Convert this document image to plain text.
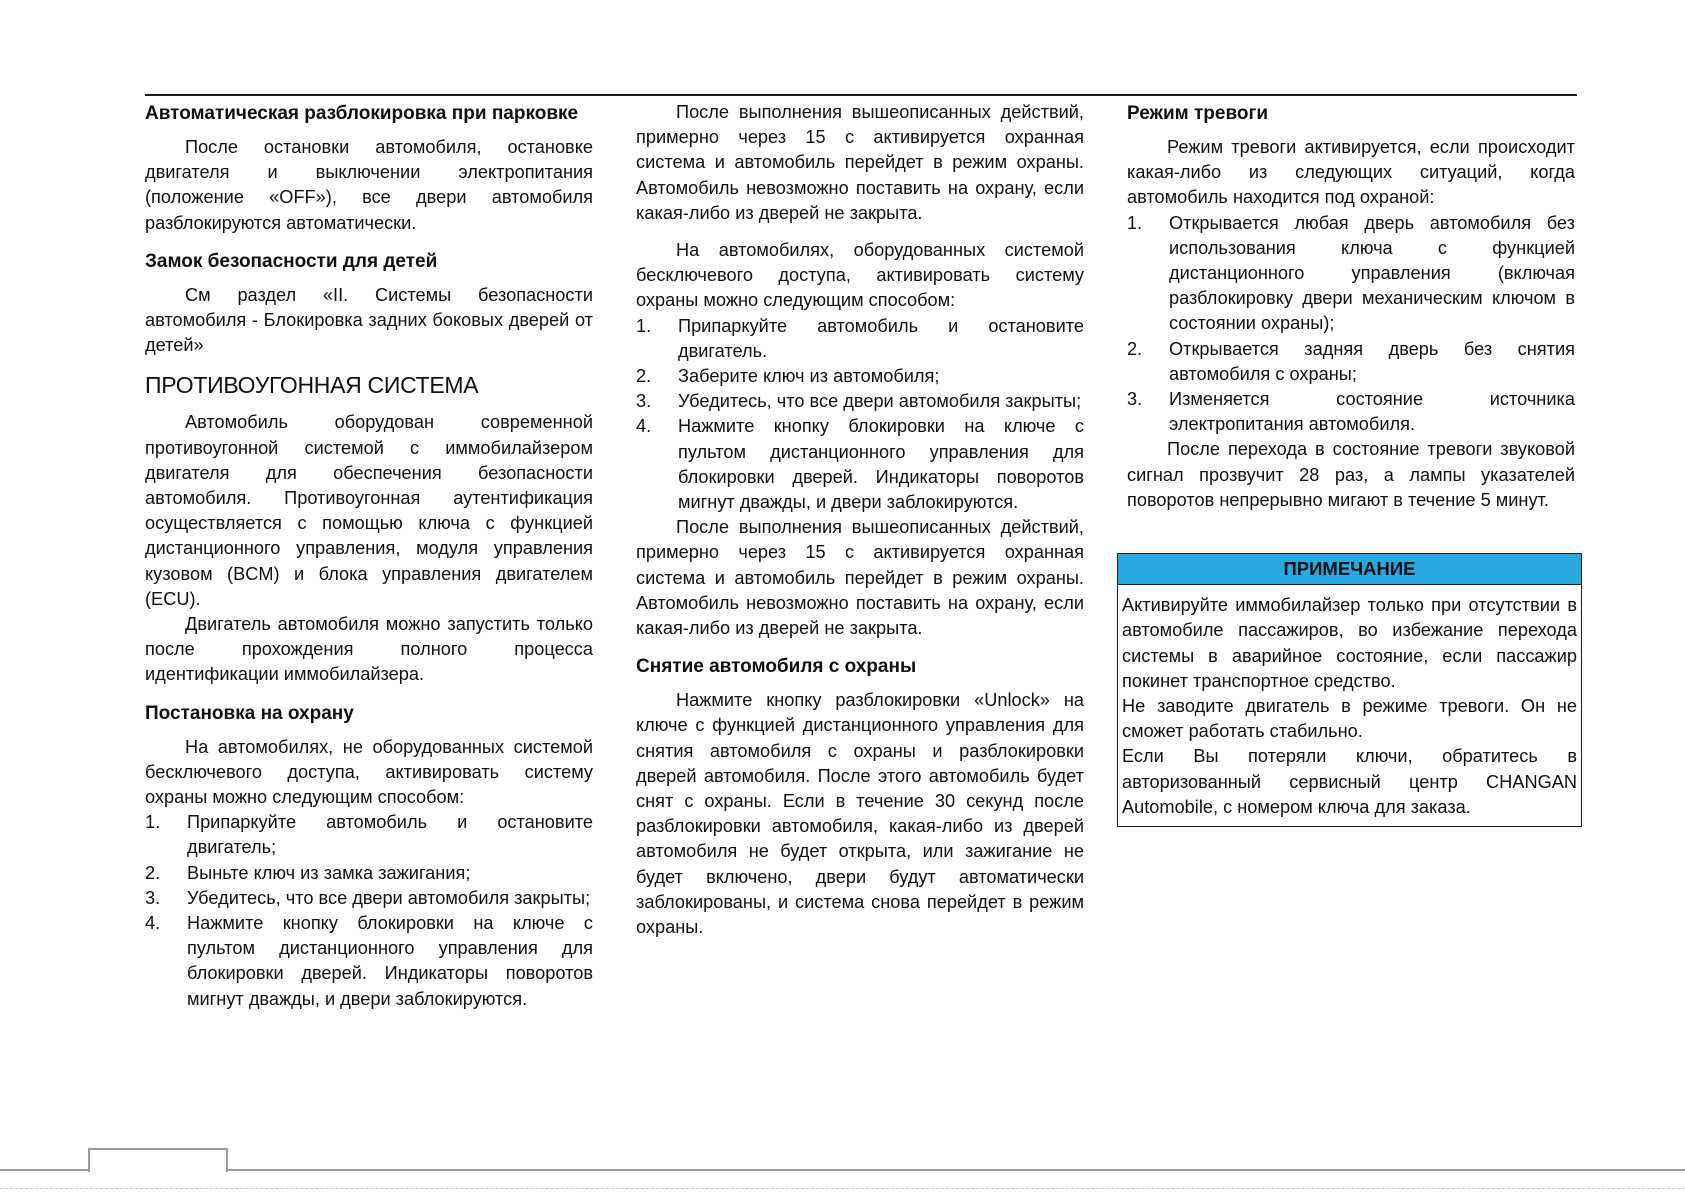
Автоматическая разблокировка при парковке

После остановки автомобиля, остановке двигателя и выключении электропитания (положение «OFF»), все двери автомобиля разблокируются автоматически.

Замок безопасности для детей

См раздел «II. Системы безопасности автомобиля - Блокировка задних боковых дверей от детей»

ПРОТИВОУГОННАЯ СИСТЕМА

Автомобиль оборудован современной противоугонной системой с иммобилайзером двигателя для обеспечения безопасности автомобиля. Противоугонная аутентификация осуществляется с помощью ключа с функцией дистанционного управления, модуля управления кузовом (BCM) и блока управления двигателем (ECU).

Двигатель автомобиля можно запустить только после прохождения полного процесса идентификации иммобилайзера.

Постановка на охрану

На автомобилях, не оборудованных системой бесключевого доступа, активировать систему охраны можно следующим способом:

1.	Припаркуйте автомобиль и остановите двигатель;
2.	Выньте ключ из замка зажигания;
3.	Убедитесь, что все двери автомобиля закрыты;
4.	Нажмите кнопку блокировки на ключе с пультом дистанционного управления для блокировки дверей. Индикаторы поворотов мигнут дважды, и двери заблокируются.

После выполнения вышеописанных действий, примерно через 15 с активируется охранная система и автомобиль перейдет в режим охраны. Автомобиль невозможно поставить на охрану, если какая-либо из дверей не закрыта.

На автомобилях, оборудованных системой бесключевого доступа, активировать систему охраны можно следующим способом:

1.	Припаркуйте автомобиль и остановите двигатель.
2.	Заберите ключ из автомобиля;
3.	Убедитесь, что все двери автомобиля закрыты;
4.	Нажмите кнопку блокировки на ключе с пультом дистанционного управления для блокировки дверей. Индикаторы поворотов мигнут дважды, и двери заблокируются.

После выполнения вышеописанных действий, примерно через 15 с активируется охранная система и автомобиль перейдет в режим охраны. Автомобиль невозможно поставить на охрану, если какая-либо из дверей не закрыта.

Снятие автомобиля с охраны

Нажмите кнопку разблокировки «Unlock» на ключе с функцией дистанционного управления для снятия автомобиля с охраны и разблокировки дверей автомобиля. После этого автомобиль будет снят с охраны. Если в течение 30 секунд после разблокировки автомобиля, какая-либо из дверей автомобиля не будет открыта, или зажигание не будет включено, двери будут автоматически заблокированы, и система снова перейдет в режим охраны.

Режим тревоги

Режим тревоги активируется, если происходит какая-либо из следующих ситуаций, когда автомобиль находится под охраной:

1.	Открывается любая дверь автомобиля без использования ключа с функцией дистанционного управления (включая разблокировку двери механическим ключом в состоянии охраны);
2.	Открывается задняя дверь без снятия автомобиля с охраны;
3.	Изменяется состояние источника электропитания автомобиля.

После перехода в состояние тревоги звуковой сигнал прозвучит 28 раз, а лампы указателей поворотов непрерывно мигают в течение 5 минут.

ПРИМЕЧАНИЕ

Активируйте иммобилайзер только при отсутствии в автомобиле пассажиров, во избежание перехода системы в аварийное состояние, если пассажир покинет транспортное средство.

Не заводите двигатель в режиме тревоги. Он не сможет работать стабильно.

Если Вы потеряли ключи, обратитесь в авторизованный сервисный центр CHANGAN Automobile, с номером ключа для заказа.
